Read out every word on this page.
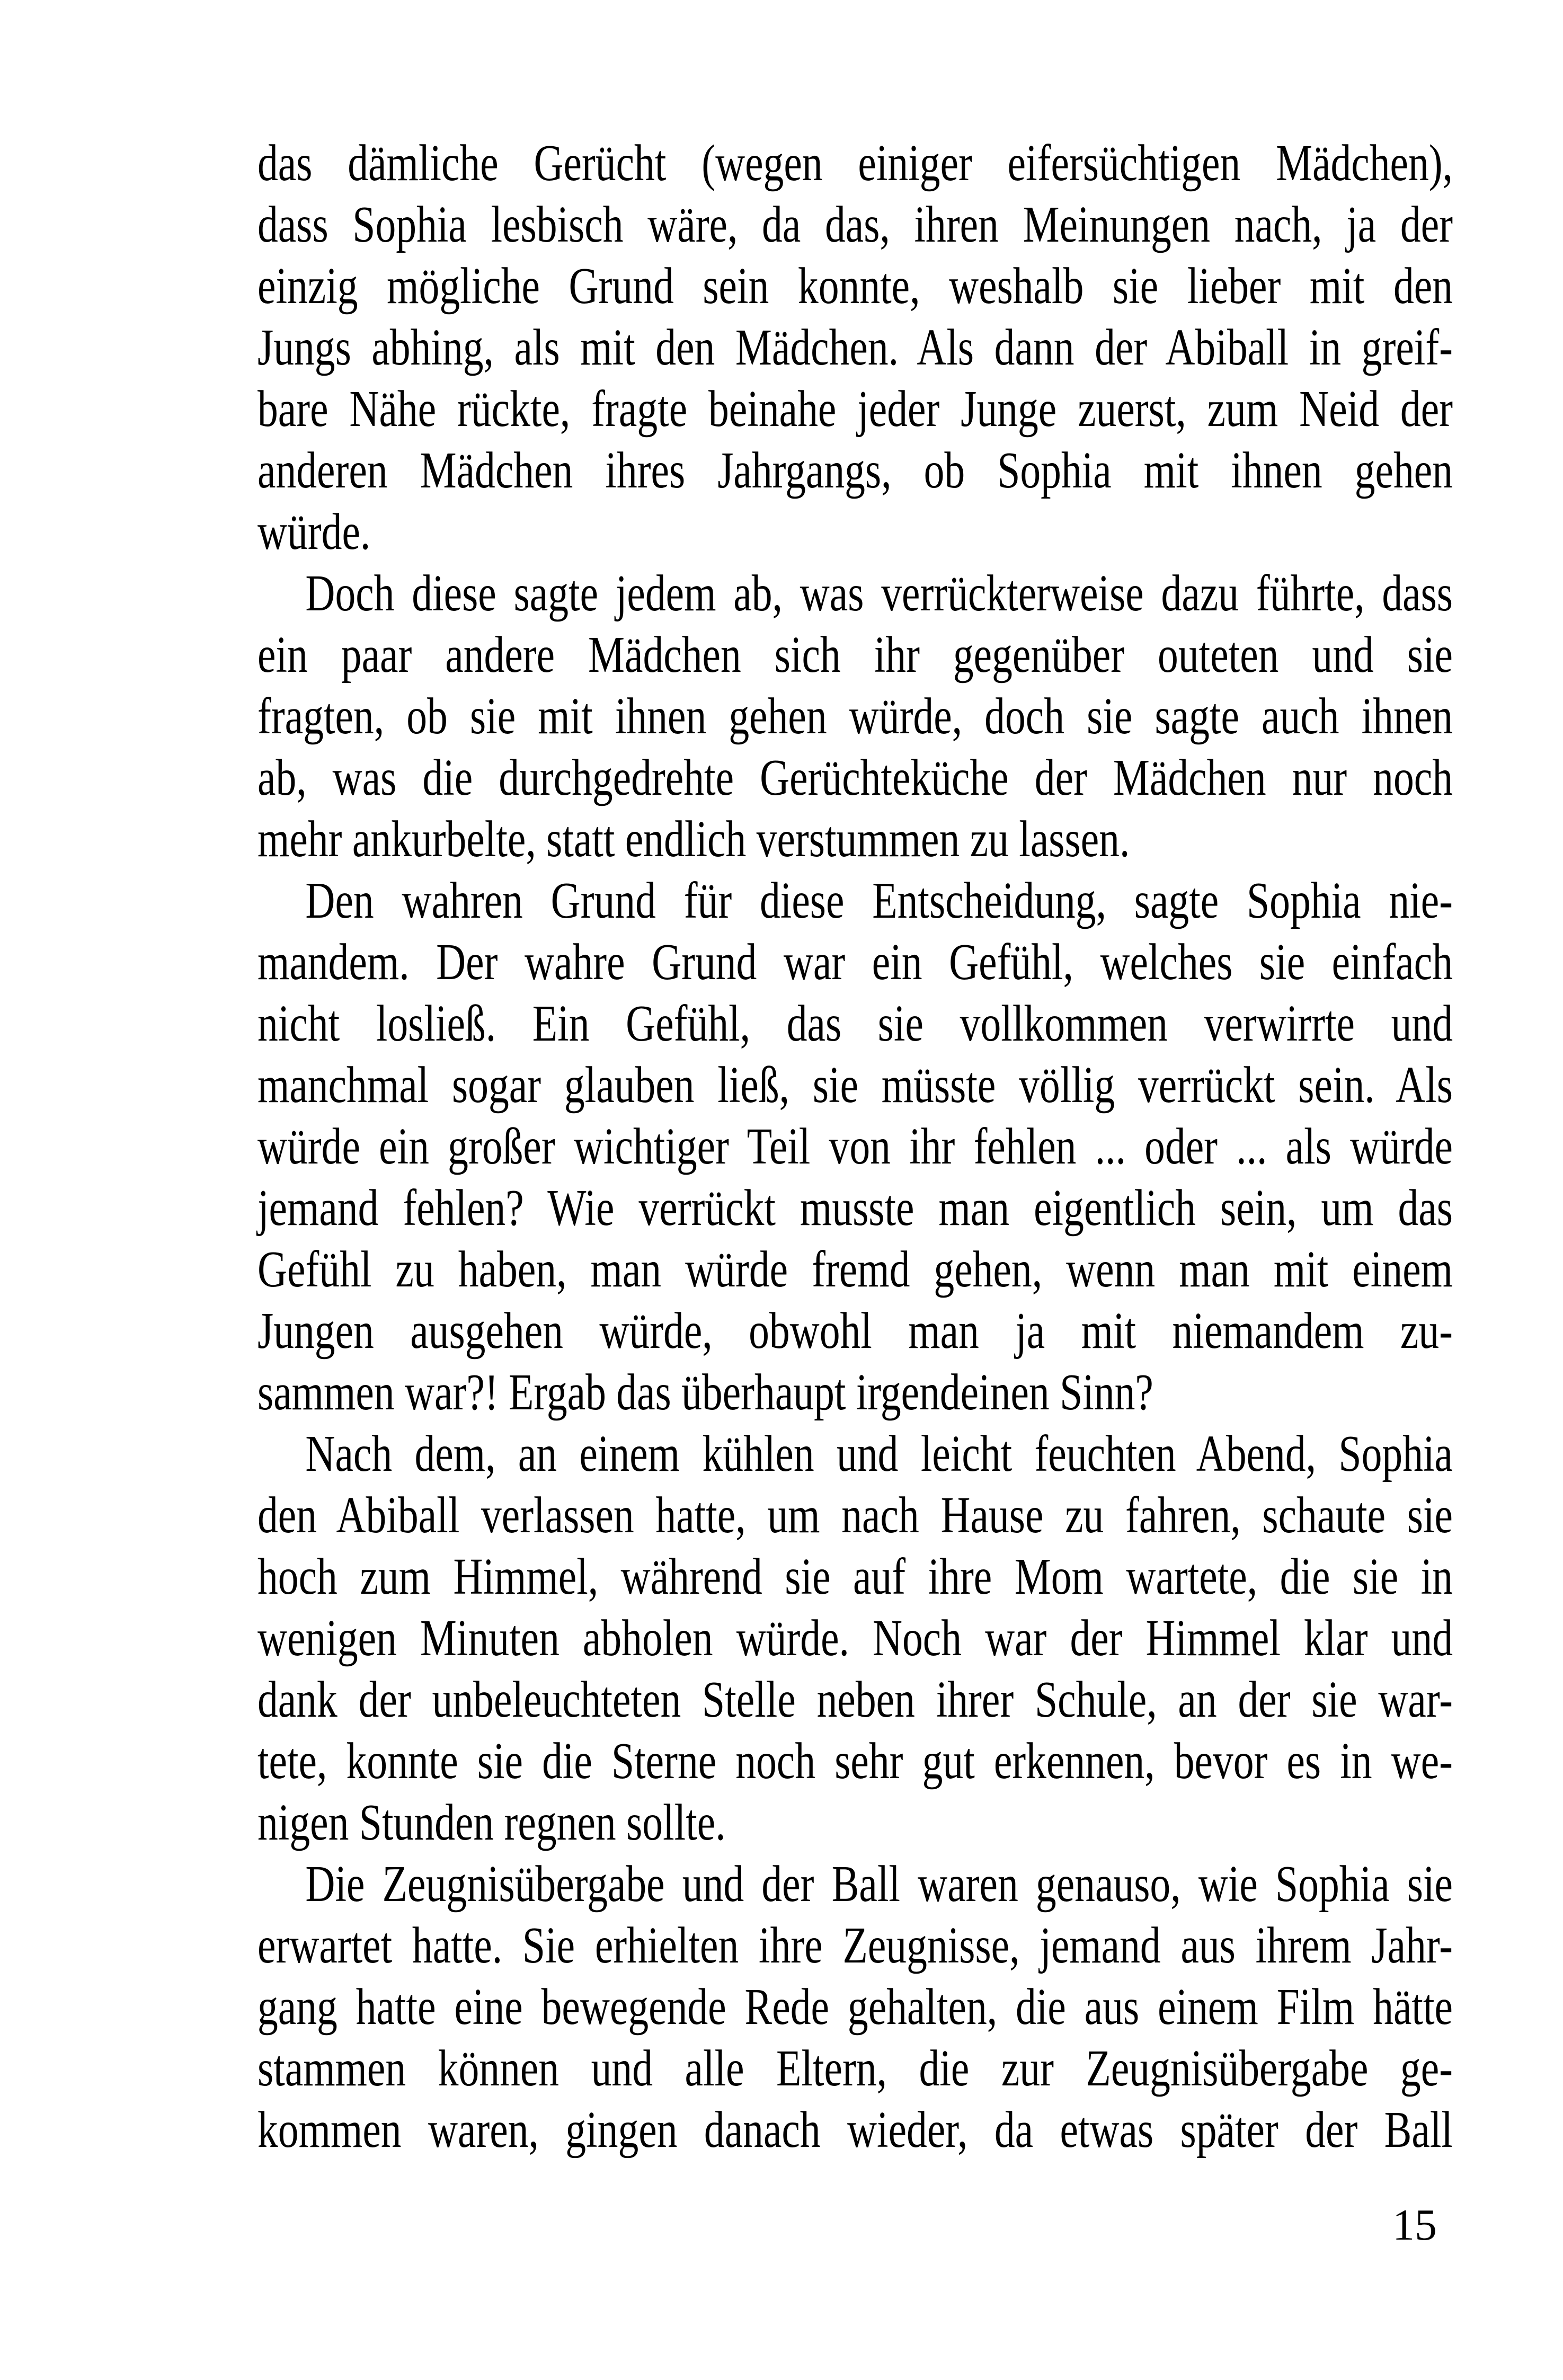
das dämliche Gerücht (wegen einiger eifersüchtigen Mädchen),
dass Sophia lesbisch wäre, da das, ihren Meinungen nach, ja der
einzig mögliche Grund sein konnte, weshalb sie lieber mit den
Jungs abhing, als mit den Mädchen. Als dann der Abiball in greif-
bare Nähe rückte, fragte beinahe jeder Junge zuerst, zum Neid der
anderen Mädchen ihres Jahrgangs, ob Sophia mit ihnen gehen
würde.
Doch diese sagte jedem ab, was verrückterweise dazu führte, dass
ein paar andere Mädchen sich ihr gegenüber outeten und sie
fragten, ob sie mit ihnen gehen würde, doch sie sagte auch ihnen
ab, was die durchgedrehte Gerüchteküche der Mädchen nur noch
mehr ankurbelte, statt endlich verstummen zu lassen.
Den wahren Grund für diese Entscheidung, sagte Sophia nie-
mandem. Der wahre Grund war ein Gefühl, welches sie einfach
nicht losließ. Ein Gefühl, das sie vollkommen verwirrte und
manchmal sogar glauben ließ, sie müsste völlig verrückt sein. Als
würde ein großer wichtiger Teil von ihr fehlen ... oder ... als würde
jemand fehlen? Wie verrückt musste man eigentlich sein, um das
Gefühl zu haben, man würde fremd gehen, wenn man mit einem
Jungen ausgehen würde, obwohl man ja mit niemandem zu-
sammen war?! Ergab das überhaupt irgendeinen Sinn?
Nach dem, an einem kühlen und leicht feuchten Abend, Sophia
den Abiball verlassen hatte, um nach Hause zu fahren, schaute sie
hoch zum Himmel, während sie auf ihre Mom wartete, die sie in
wenigen Minuten abholen würde. Noch war der Himmel klar und
dank der unbeleuchteten Stelle neben ihrer Schule, an der sie war-
tete, konnte sie die Sterne noch sehr gut erkennen, bevor es in we-
nigen Stunden regnen sollte.
Die Zeugnisübergabe und der Ball waren genauso, wie Sophia sie
erwartet hatte. Sie erhielten ihre Zeugnisse, jemand aus ihrem Jahr-
gang hatte eine bewegende Rede gehalten, die aus einem Film hätte
stammen können und alle Eltern, die zur Zeugnisübergabe ge-
kommen waren, gingen danach wieder, da etwas später der Ball
15
